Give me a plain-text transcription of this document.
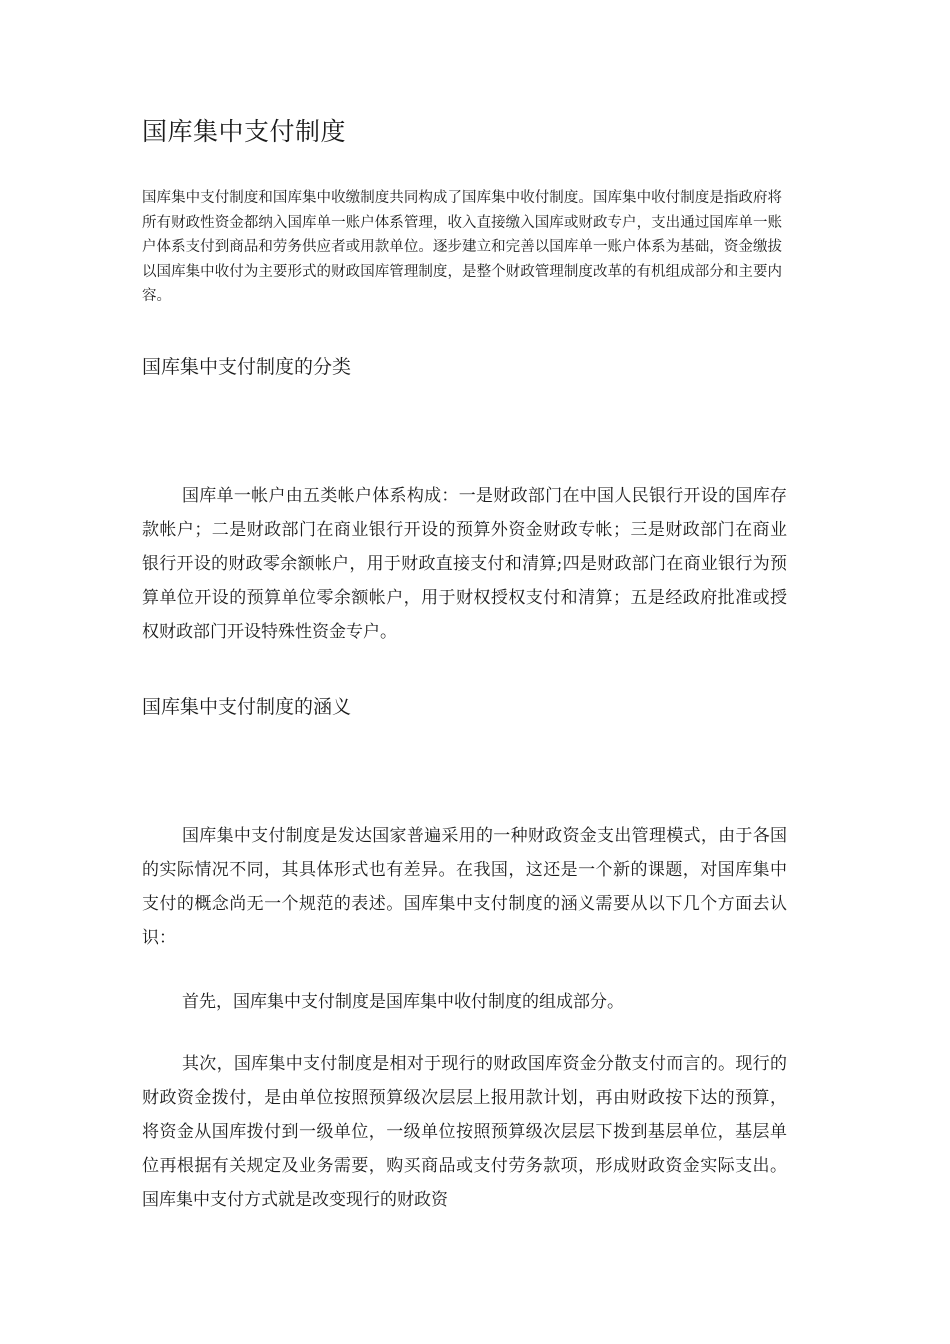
国库集中支付制度

国库集中支付制度和国库集中收缴制度共同构成了国库集中收付制度。国库集中收付制度是指政府将所有财政性资金都纳入国库单一账户体系管理，收入直接缴入国库或财政专户，支出通过国库单一账户体系支付到商品和劳务供应者或用款单位。逐步建立和完善以国库单一账户体系为基础，资金缴拔以国库集中收付为主要形式的财政国库管理制度，是整个财政管理制度改革的有机组成部分和主要内容。

国库集中支付制度的分类

国库单一帐户由五类帐户体系构成：一是财政部门在中国人民银行开设的国库存款帐户；二是财政部门在商业银行开设的预算外资金财政专帐；三是财政部门在商业银行开设的财政零余额帐户，用于财政直接支付和清算;四是财政部门在商业银行为预算单位开设的预算单位零余额帐户，用于财权授权支付和清算；五是经政府批准或授权财政部门开设特殊性资金专户。

国库集中支付制度的涵义

国库集中支付制度是发达国家普遍采用的一种财政资金支出管理模式，由于各国的实际情况不同，其具体形式也有差异。在我国，这还是一个新的课题，对国库集中支付的概念尚无一个规范的表述。国库集中支付制度的涵义需要从以下几个方面去认识：

首先，国库集中支付制度是国库集中收付制度的组成部分。

其次，国库集中支付制度是相对于现行的财政国库资金分散支付而言的。现行的财政资金拨付，是由单位按照预算级次层层上报用款计划，再由财政按下达的预算，将资金从国库拨付到一级单位，一级单位按照预算级次层层下拨到基层单位，基层单位再根据有关规定及业务需要，购买商品或支付劳务款项，形成财政资金实际支出。国库集中支付方式就是改变现行的财政资
